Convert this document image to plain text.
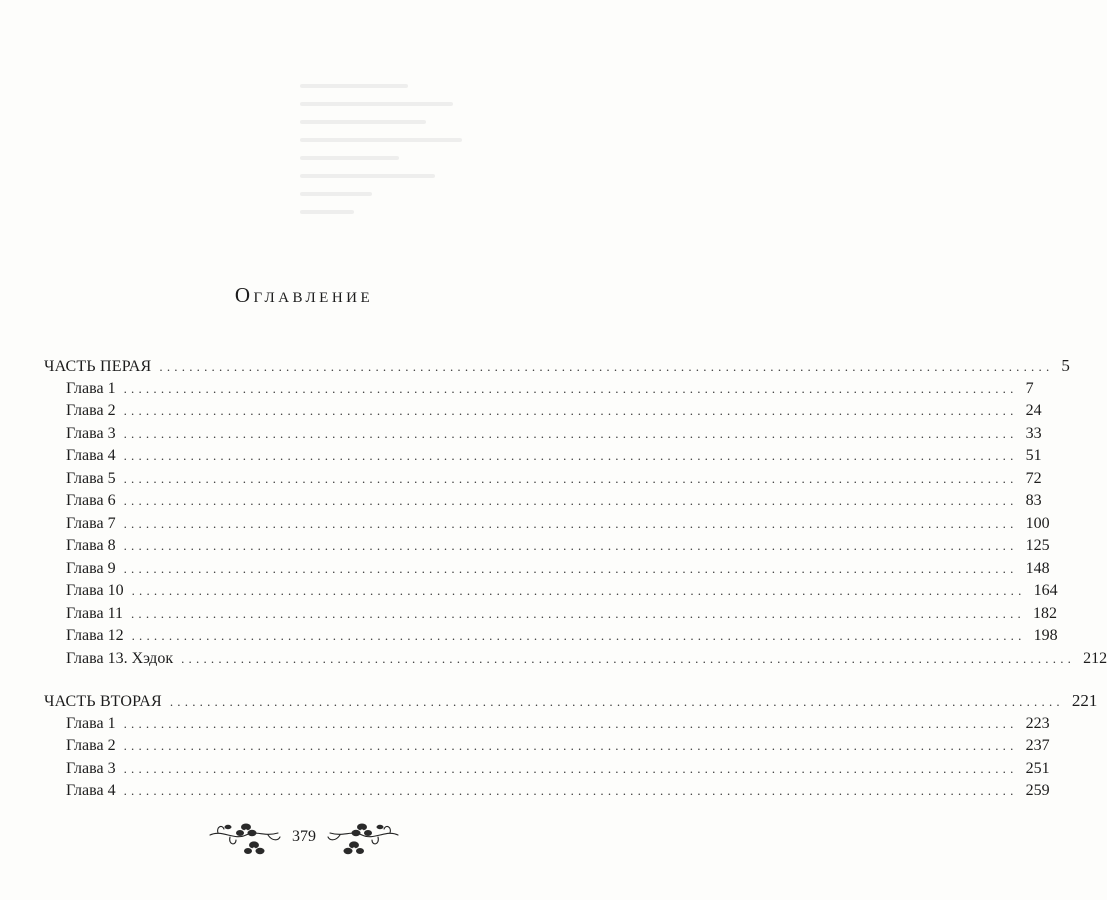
Оглавление
ЧАСТЬ ПЕРАЯ ........................................................................................................................ 5
Глава 1 ........................................................................................................................ 7
Глава 2 ........................................................................................................................ 24
Глава 3 ........................................................................................................................ 33
Глава 4 ........................................................................................................................ 51
Глава 5 ........................................................................................................................ 72
Глава 6 ........................................................................................................................ 83
Глава 7 ........................................................................................................................ 100
Глава 8 ........................................................................................................................ 125
Глава 9 ........................................................................................................................ 148
Глава 10 ........................................................................................................................ 164
Глава 11 ........................................................................................................................ 182
Глава 12 ........................................................................................................................ 198
Глава 13. Хэдок ........................................................................................................................ 212
ЧАСТЬ ВТОРАЯ ........................................................................................................................ 221
Глава 1 ........................................................................................................................ 223
Глава 2 ........................................................................................................................ 237
Глава 3 ........................................................................................................................ 251
Глава 4 ........................................................................................................................ 259
379
